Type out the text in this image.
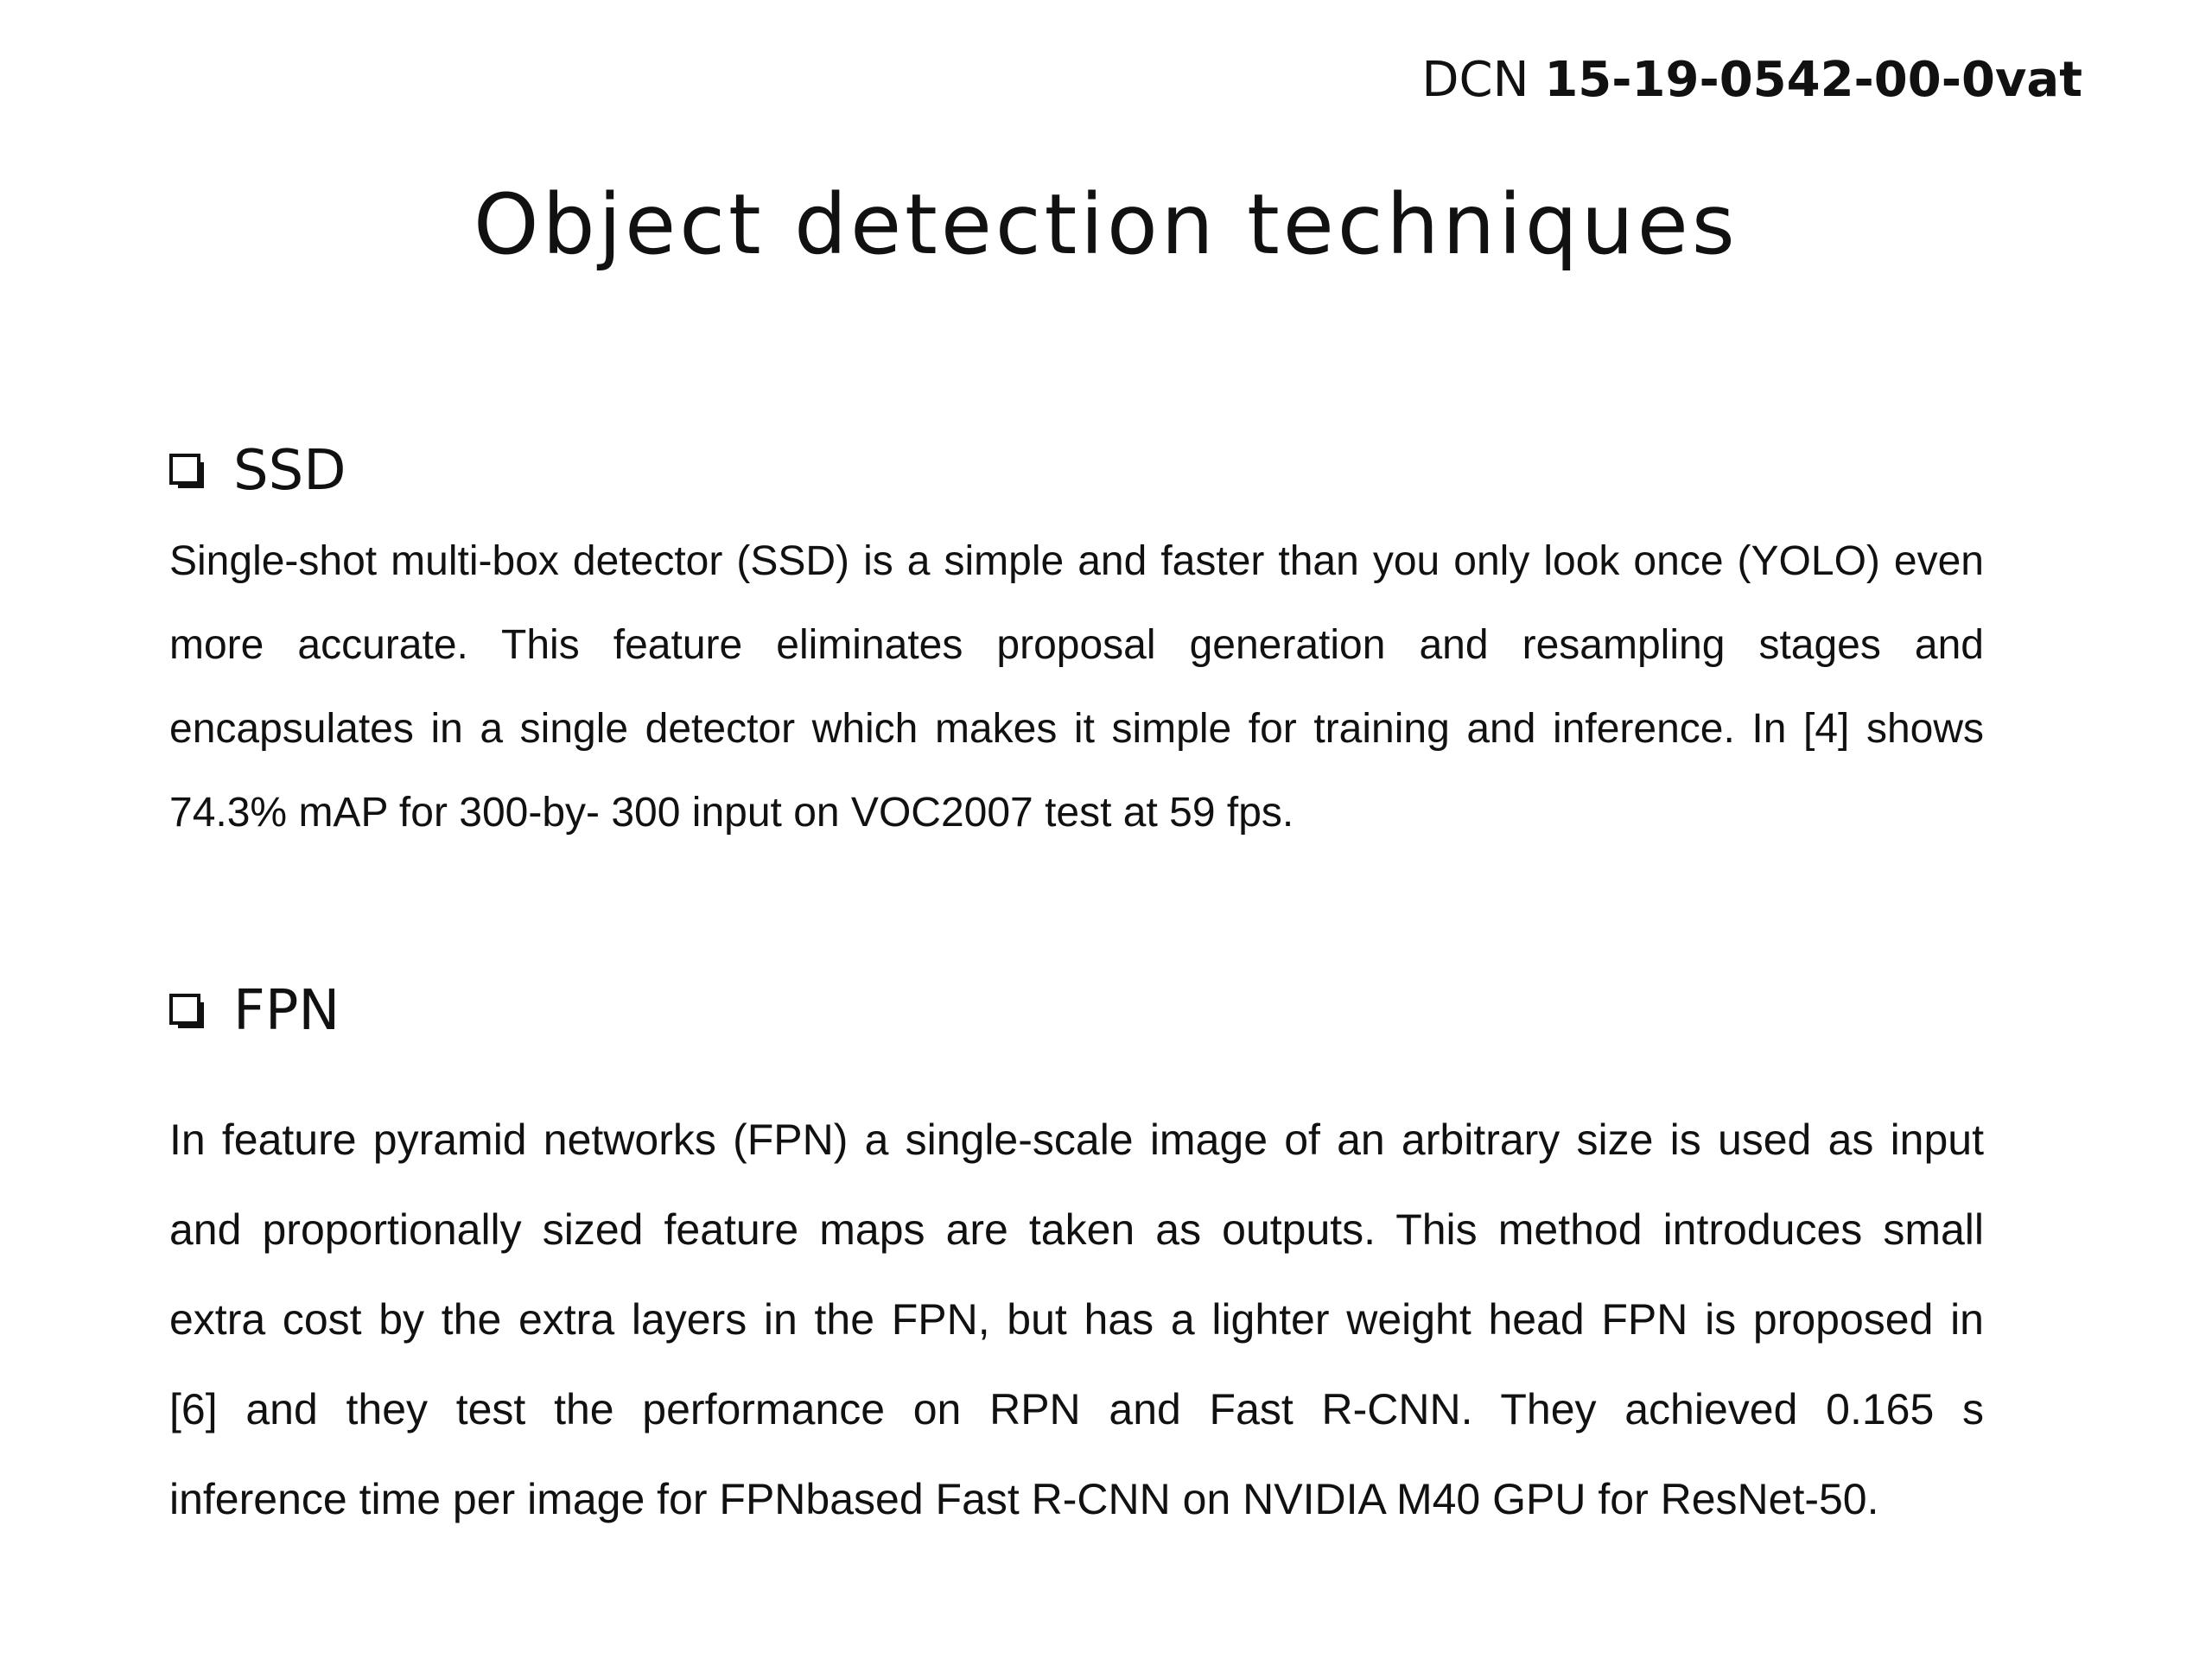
DCN 15-19-0542-00-0vat
Object detection techniques
SSD
Single-shot multi-box detector (SSD) is a simple and faster than you only look once (YOLO) even
more accurate. This feature eliminates proposal generation and resampling stages and
encapsulates in a single detector which makes it simple for training and inference. In [4] shows
74.3% mAP for 300-by- 300 input on VOC2007 test at 59 fps.
FPN
In feature pyramid networks (FPN) a single-scale image of an arbitrary size is used as input
and proportionally sized feature maps are taken as outputs. This method introduces small
extra cost by the extra layers in the FPN, but has a lighter weight head FPN is proposed in
[6] and they test the performance on RPN and Fast R-CNN. They achieved 0.165 s
inference time per image for FPNbased Fast R-CNN on NVIDIA M40 GPU for ResNet-50.
